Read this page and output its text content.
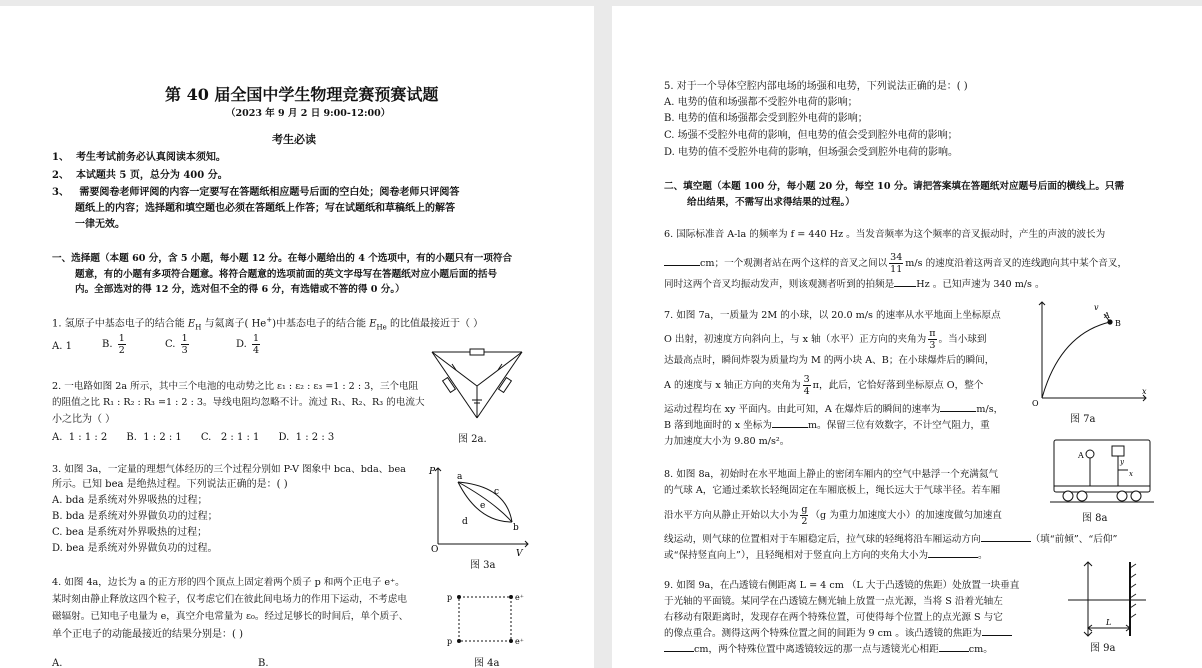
第 40 届全国中学生物理竞赛预赛试题
（2023 年 9 月 2 日 9:00-12:00）
考生必读
1、 考生考试前务必认真阅读本须知。
2、 本试题共 5 页，总分为 400 分。
3、 需要阅卷老师评阅的内容一定要写在答题纸相应题号后面的空白处；阅卷老师只评阅答
题纸上的内容；选择题和填空题也必须在答题纸上作答；写在试题纸和草稿纸上的解答
一律无效。
一、选择题（本题 60 分，含 5 小题，每小题 12 分。在每小题给出的 4 个选项中，有的小题只有一项符合
题意，有的小题有多项符合题意。将符合题意的选项前面的英文字母写在答题纸对应小题后面的括号
内。全部选对的得 12 分，选对但不全的得 6 分，有选错或不答的得 0 分。）
1. 氢原子中基态电子的结合能 $E_H$ 与氦离子( He+)中基态电子的结合能 $E_{He}$ 的比值最接近于（ ）
A. 1	B. $\frac{1}{2}$	C. $\frac{1}{3}$	D. $\frac{1}{4}$
2. 一电路如图 2a 所示，其中三个电池的电动势之比 ε₁ : ε₂ : ε₃ =1 : 2 : 3，三个电阻
的阻值之比 R₁ : R₂ : R₃ =1 : 2 : 3。导线电阻均忽略不计。流过 R₁、R₂、R₃ 的电流大
小之比为（ ）
A.  1 : 1 : 2      B.  1 : 2 : 1      C.   2 : 1 : 1      D.  1 : 2 : 3	图 2a.
3. 如图 3a，一定量的理想气体经历的三个过程分别如 P-V 图象中 bca、bda、bea
所示。已知 bea 是绝热过程。下列说法正确的是：( )
A. bda 是系统对外界吸热的过程；
B. bda 是系统对外界做负功的过程；
C. bea 是系统对外界吸热的过程；
D. bea 是系统对外界做负功的过程。
P
V
O
a
b
c
d
e
图 3a
4. 如图 4a，边长为 a 的正方形的四个顶点上固定着两个质子 p 和两个正电子 e⁺。
某时刻由静止释放这四个粒子，仅考虑它们在彼此间电场力的作用下运动，不考虑电
磁辐射。已知电子电量为 e，真空介电常量为 ε₀。经过足够长的时间后，单个质子、
单个正电子的动能最接近的结果分别是：( )
p	e⁺
p	e⁺
图 4a
A.	B.
5. 对于一个导体空腔内部电场的场强和电势，下列说法正确的是：( )
A. 电势的值和场强都不受腔外电荷的影响；
B. 电势的值和场强都会受到腔外电荷的影响；
C. 场强不受腔外电荷的影响，但电势的值会受到腔外电荷的影响；
D. 电势的值不受腔外电荷的影响，但场强会受到腔外电荷的影响。
二、填空题（本题 100 分，每小题 20 分，每空 10 分。请把答案填在答题纸对应题号后面的横线上。只需
给出结果，不需写出求得结果的过程。）
6. 国际标准音 A-la 的频率为 f = 440 Hz 。当发音频率为这个频率的音叉振动时，产生的声波的波长为
cm；一个观测者站在两个这样的音叉之间以 $\frac{34}{11} m/s$ 的速度沿着这两音叉的连线跑向其中某个音叉，
同时这两个音叉均振动发声，则该观测者听到的拍频是 Hz 。已知声速为 340 m/s 。
7. 如图 7a，一质量为 2M 的小球，以 20.0 m/s 的速率从水平地面上坐标原点
O 出射，初速度方向斜向上，与 x 轴（水平）正方向的夹角为 $\frac{\pi}{3}$ 。当小球到
达最高点时，瞬间炸裂为质量均为 M 的两小块 A、B；在小球爆炸后的瞬间，
A 的速度与 x 轴正方向的夹角为 $\frac{3}{4}$ π，此后，它恰好落到坐标原点 O，整个
运动过程均在 xy 平面内。由此可知，A 在爆炸后的瞬间的速率为	m/s，
B 落到地面时的 x 坐标为	m。保留三位有效数字，不计空气阻力，重
力加速度大小为 9.80 m/s²。
v
A
B
O
x
图 7a
8. 如图 8a，初始时在水平地面上静止的密闭车厢内的空气中悬浮一个充满氦气
的气球 A，它通过柔软长轻绳固定在车厢底板上，绳长远大于气球半径。若车厢
沿水平方向从静止开始以大小为 $\frac{g}{2} (g$ 为重力加速度大小）的加速度做匀加速直
线运动，则气球的位置相对于车厢稳定后，拉气球的轻绳将沿车厢运动方向	（填“前倾”、“后仰”
或“保持竖直向上”），且轻绳相对于竖直向上方向的夹角大小为	。
A
y
x
图 8a
9. 如图 9a，在凸透镜右侧距离 L = 4 cm （L 大于凸透镜的焦距）处放置一块垂直
于光轴的平面镜。某同学在凸透镜左侧光轴上放置一点光源，当将 S 沿着光轴左
右移动有限距离时，发现存在两个特殊位置，可使得每个位置上的点光源 S 与它
的像点重合。测得这两个特殊位置之间的间距为 9 cm 。该凸透镜的焦距为
cm，两个特殊位置中离透镜较远的那一点与透镜光心相距	cm。
L
图 9a
